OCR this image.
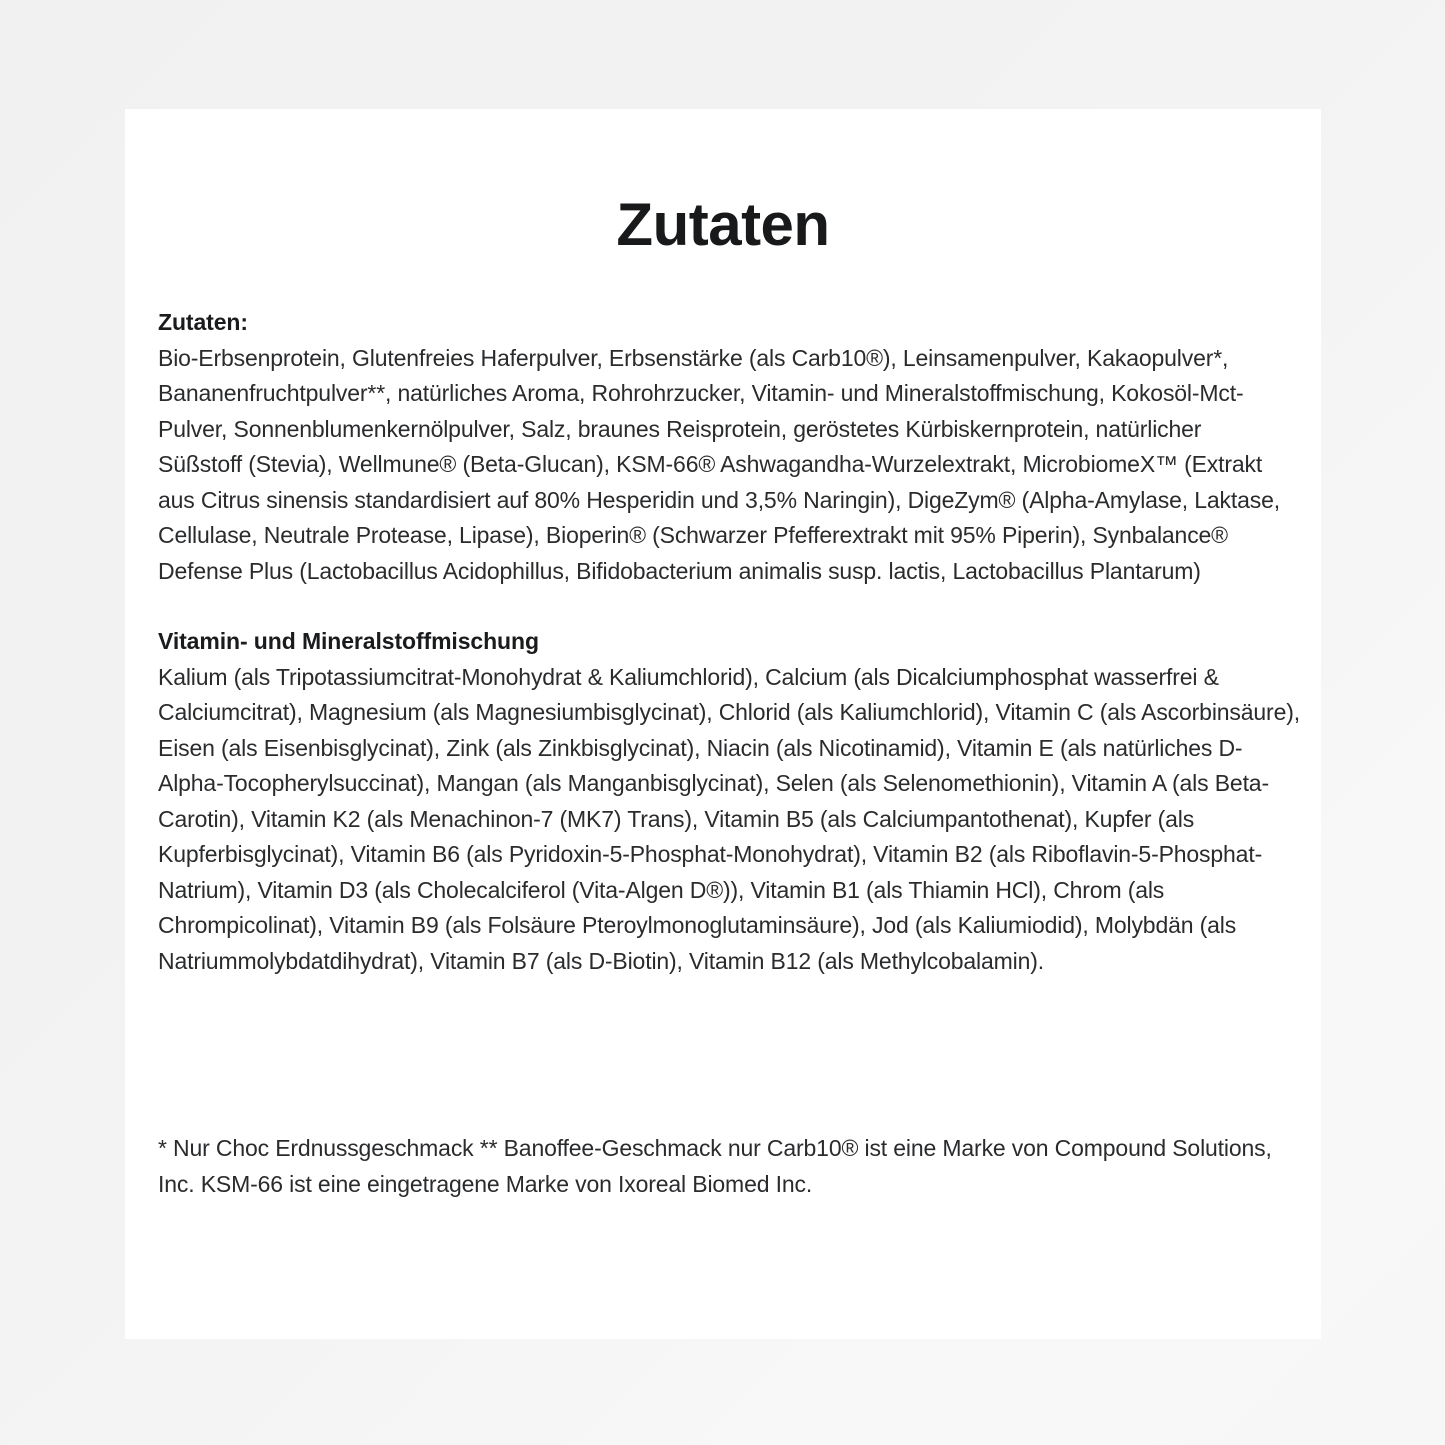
Zutaten
Zutaten:
Bio-Erbsenprotein, Glutenfreies Haferpulver, Erbsenstärke (als Carb10®), Leinsamenpulver, Kakaopulver*, Bananenfruchtpulver**, natürliches Aroma, Rohrohrzucker, Vitamin- und Mineralstoffmischung, Kokosöl-Mct-Pulver, Sonnenblumenkernölpulver, Salz, braunes Reisprotein, geröstetes Kürbiskernprotein, natürlicher Süßstoff (Stevia), Wellmune® (Beta-Glucan), KSM-66® Ashwagandha-Wurzelextrakt, MicrobiomeX™ (Extrakt aus Citrus sinensis standardisiert auf 80% Hesperidin und 3,5% Naringin), DigeZym® (Alpha-Amylase, Laktase, Cellulase, Neutrale Protease, Lipase), Bioperin® (Schwarzer Pfefferextrakt mit 95% Piperin), Synbalance® Defense Plus (Lactobacillus Acidophillus, Bifidobacterium animalis susp. lactis, Lactobacillus Plantarum)
Vitamin- und Mineralstoffmischung
Kalium (als Tripotassiumcitrat-Monohydrat & Kaliumchlorid), Calcium (als Dicalciumphosphat wasserfrei & Calciumcitrat), Magnesium (als Magnesiumbisglycinat), Chlorid (als Kaliumchlorid), Vitamin C (als Ascorbinsäure), Eisen (als Eisenbisglycinat), Zink (als Zinkbisglycinat), Niacin (als Nicotinamid), Vitamin E (als natürliches D-Alpha-Tocopherylsuccinat), Mangan (als Manganbisglycinat), Selen (als Selenomethionin), Vitamin A (als Beta-Carotin), Vitamin K2 (als Menachinon-7 (MK7) Trans), Vitamin B5 (als Calciumpantothenat), Kupfer (als Kupferbisglycinat), Vitamin B6 (als Pyridoxin-5-Phosphat-Monohydrat), Vitamin B2 (als Riboflavin-5-Phosphat-Natrium), Vitamin D3 (als Cholecalciferol (Vita-Algen D®)), Vitamin B1 (als Thiamin HCl), Chrom (als Chrompicolinat), Vitamin B9 (als Folsäure Pteroylmonoglutaminsäure), Jod (als Kaliumiodid), Molybdän (als Natriummolybdatdihydrat), Vitamin B7 (als D-Biotin), Vitamin B12 (als Methylcobalamin).
* Nur Choc Erdnussgeschmack ** Banoffee-Geschmack nur Carb10® ist eine Marke von Compound Solutions, Inc. KSM-66 ist eine eingetragene Marke von Ixoreal Biomed Inc.
